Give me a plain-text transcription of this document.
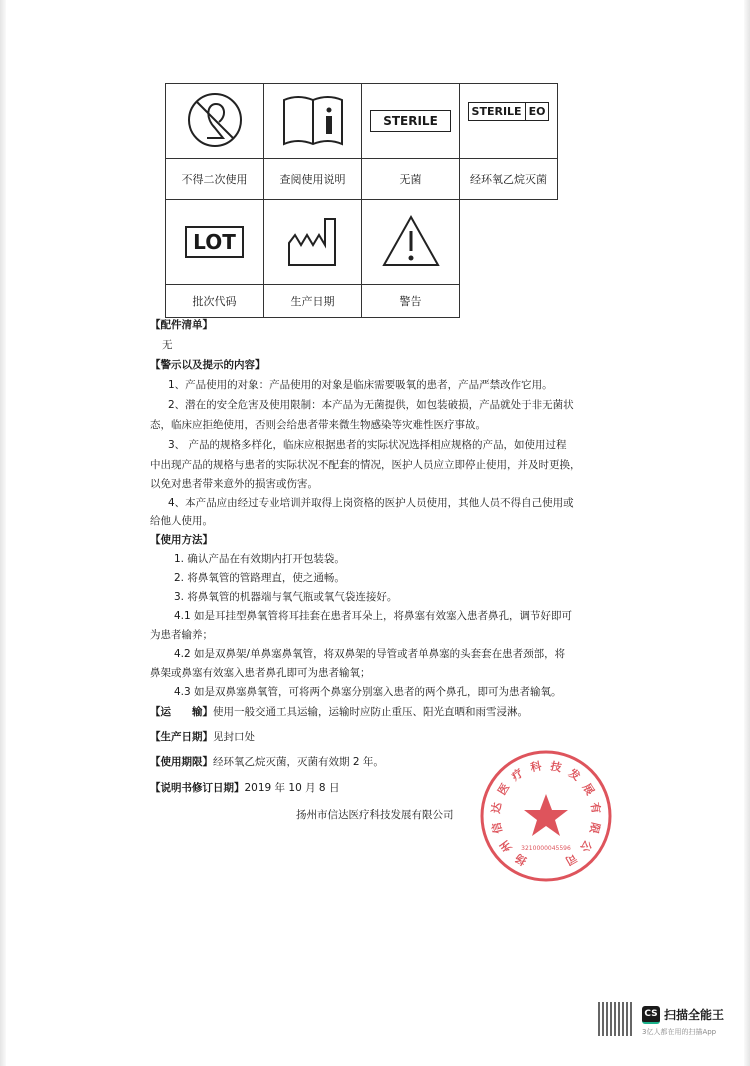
		STERILE	STERILE EO

不得二次使用	查阅使用说明	无菌	经环氧乙烷灭菌
LOT			
批次代码	生产日期	警告	
【配件清单】
无
【警示以及提示的内容】
1、产品使用的对象：产品使用的对象是临床需要吸氧的患者，产品严禁改作它用。
2、潜在的安全危害及使用限制：本产品为无菌提供，如包装破损，产品就处于非无菌状
态，临床应拒绝使用，否则会给患者带来微生物感染等灾难性医疗事故。
3、 产品的规格多样化，临床应根据患者的实际状况选择相应规格的产品，如使用过程
中出现产品的规格与患者的实际状况不配套的情况，医护人员应立即停止使用，并及时更换，
以免对患者带来意外的损害或伤害。
4、本产品应由经过专业培训并取得上岗资格的医护人员使用，其他人员不得自己使用或
给他人使用。
【使用方法】
1. 确认产品在有效期内打开包装袋。
2. 将鼻氧管的管路理直，使之通畅。
3. 将鼻氧管的机器端与氧气瓶或氧气袋连接好。
4.1 如是耳挂型鼻氧管将耳挂套在患者耳朵上，将鼻塞有效塞入患者鼻孔，调节好即可
为患者输养；
4.2 如是双鼻架/单鼻塞鼻氧管，将双鼻架的导管或者单鼻塞的头套套在患者颈部，将
鼻架或鼻塞有效塞入患者鼻孔即可为患者输氧；
4.3 如是双鼻塞鼻氧管，可将两个鼻塞分别塞入患者的两个鼻孔，即可为患者输氧。
【运　　输】使用一般交通工具运输，运输时应防止重压、阳光直晒和雨雪浸淋。
【生产日期】见封口处
【使用期限】经环氧乙烷灭菌，灭菌有效期 2 年。
【说明书修订日期】2019 年 10 月 8 日
扬州市信达医疗科技发展有限公司
扬
州
信
达
医
疗 科 技 发
展
有
限
公
司
3210000045596
CS 扫描全能王
3亿人都在用的扫描App
